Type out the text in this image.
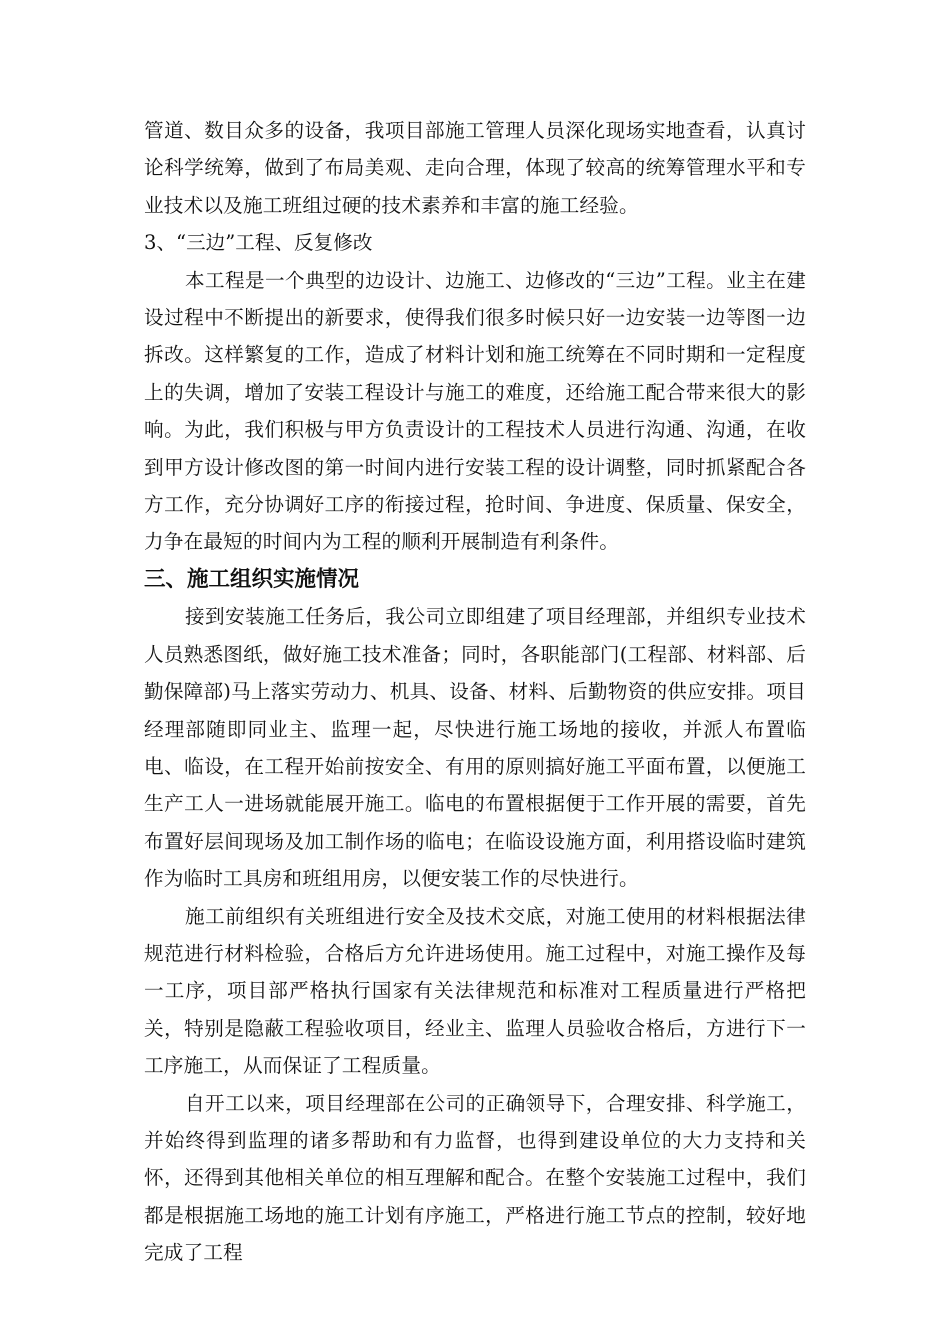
管道、数目众多的设备，我项目部施工管理人员深化现场实地查看，认真讨论科学统筹，做到了布局美观、走向合理，体现了较高的统筹管理水平和专业技术以及施工班组过硬的技术素养和丰富的施工经验。

3、“三边”工程、反复修改

本工程是一个典型的边设计、边施工、边修改的“三边”工程。业主在建设过程中不断提出的新要求，使得我们很多时候只好一边安装一边等图一边拆改。这样繁复的工作，造成了材料计划和施工统筹在不同时期和一定程度上的失调，增加了安装工程设计与施工的难度，还给施工配合带来很大的影响。为此，我们积极与甲方负责设计的工程技术人员进行沟通、沟通，在收到甲方设计修改图的第一时间内进行安装工程的设计调整，同时抓紧配合各方工作，充分协调好工序的衔接过程，抢时间、争进度、保质量、保安全，力争在最短的时间内为工程的顺利开展制造有利条件。

三、施工组织实施情况

接到安装施工任务后，我公司立即组建了项目经理部，并组织专业技术人员熟悉图纸，做好施工技术准备；同时，各职能部门(工程部、材料部、后勤保障部)马上落实劳动力、机具、设备、材料、后勤物资的供应安排。项目经理部随即同业主、监理一起，尽快进行施工场地的接收，并派人布置临电、临设，在工程开始前按安全、有用的原则搞好施工平面布置，以便施工生产工人一进场就能展开施工。临电的布置根据便于工作开展的需要，首先布置好层间现场及加工制作场的临电；在临设设施方面，利用搭设临时建筑作为临时工具房和班组用房，以便安装工作的尽快进行。

施工前组织有关班组进行安全及技术交底，对施工使用的材料根据法律规范进行材料检验，合格后方允许进场使用。施工过程中，对施工操作及每一工序，项目部严格执行国家有关法律规范和标准对工程质量进行严格把关，特别是隐蔽工程验收项目，经业主、监理人员验收合格后，方进行下一工序施工，从而保证了工程质量。

自开工以来，项目经理部在公司的正确领导下，合理安排、科学施工，并始终得到监理的诸多帮助和有力监督，也得到建设单位的大力支持和关怀，还得到其他相关单位的相互理解和配合。在整个安装施工过程中，我们都是根据施工场地的施工计划有序施工，严格进行施工节点的控制，较好地完成了工程
